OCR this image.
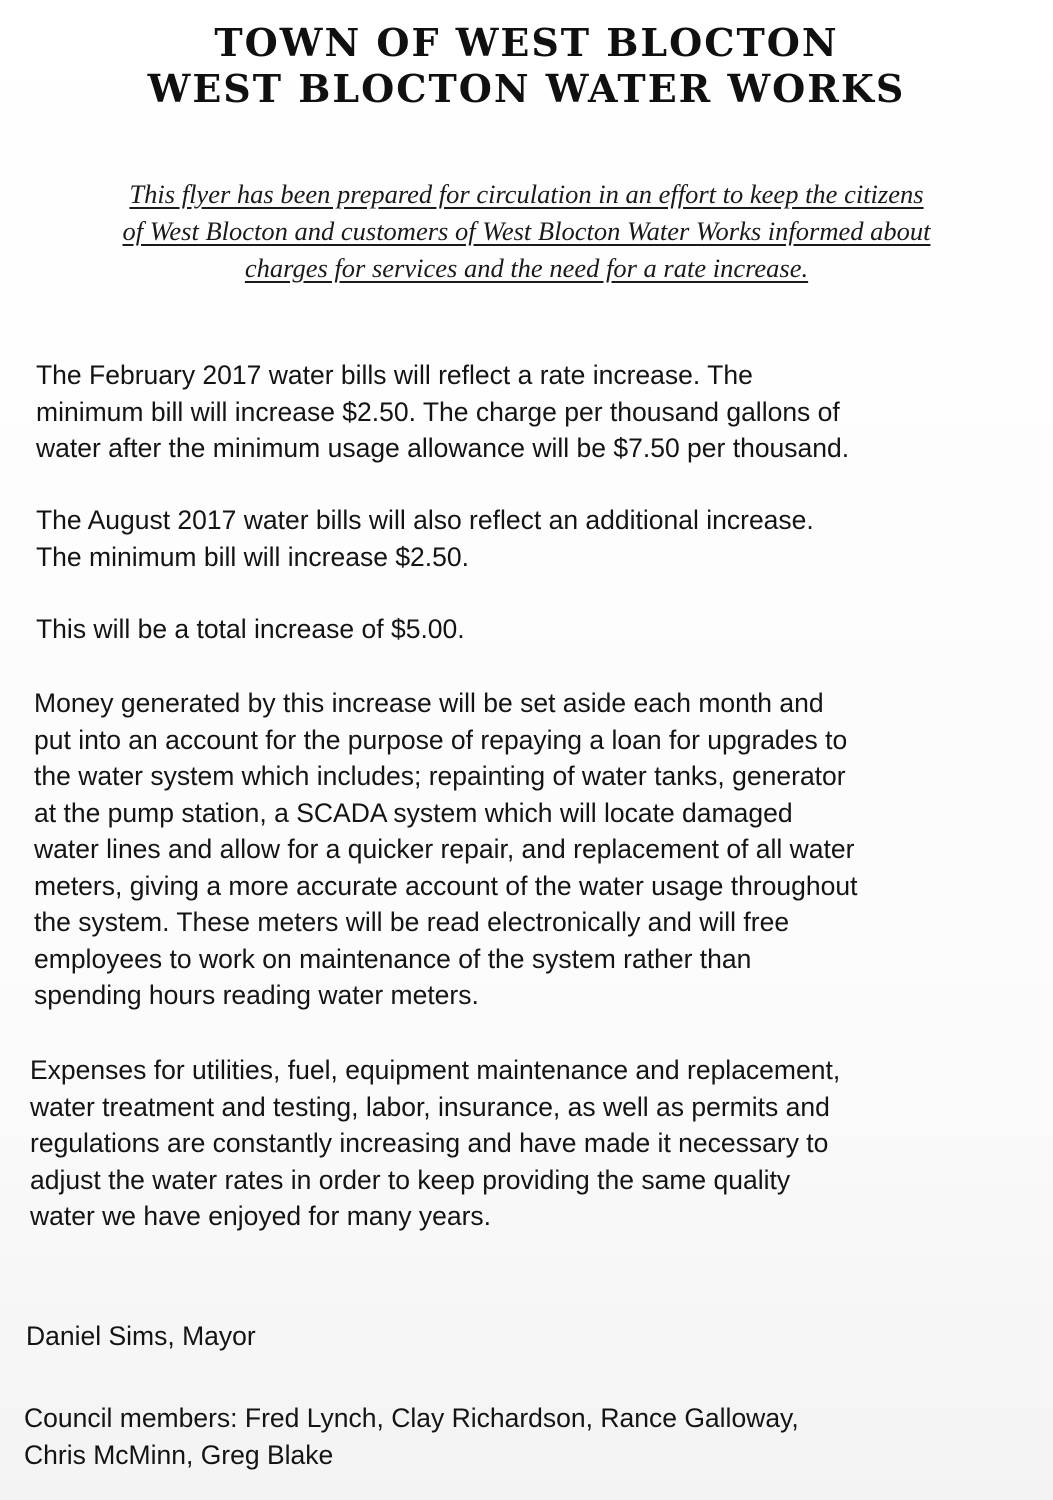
TOWN OF WEST BLOCTON
WEST BLOCTON WATER WORKS
This flyer has been prepared for circulation in an effort to keep the citizens
of West Blocton and customers of West Blocton Water Works informed about
charges for services and the need for a rate increase.
The February 2017 water bills will reflect a rate increase. The
minimum bill will increase $2.50. The charge per thousand gallons of
water after the minimum usage allowance will be $7.50 per thousand.
The August 2017 water bills will also reflect an additional increase.
The minimum bill will increase $2.50.
This will be a total increase of $5.00.
Money generated by this increase will be set aside each month and
put into an account for the purpose of repaying a loan for upgrades to
the water system which includes; repainting of water tanks, generator
at the pump station, a SCADA system which will locate damaged
water lines and allow for a quicker repair, and replacement of all water
meters, giving a more accurate account of the water usage throughout
the system. These meters will be read electronically and will free
employees to work on maintenance of the system rather than
spending hours reading water meters.
Expenses for utilities, fuel, equipment maintenance and replacement,
water treatment and testing, labor, insurance, as well as permits and
regulations are constantly increasing and have made it necessary to
adjust the water rates in order to keep providing the same quality
water we have enjoyed for many years.
Daniel Sims, Mayor
Council members: Fred Lynch, Clay Richardson, Rance Galloway,
Chris McMinn, Greg Blake
